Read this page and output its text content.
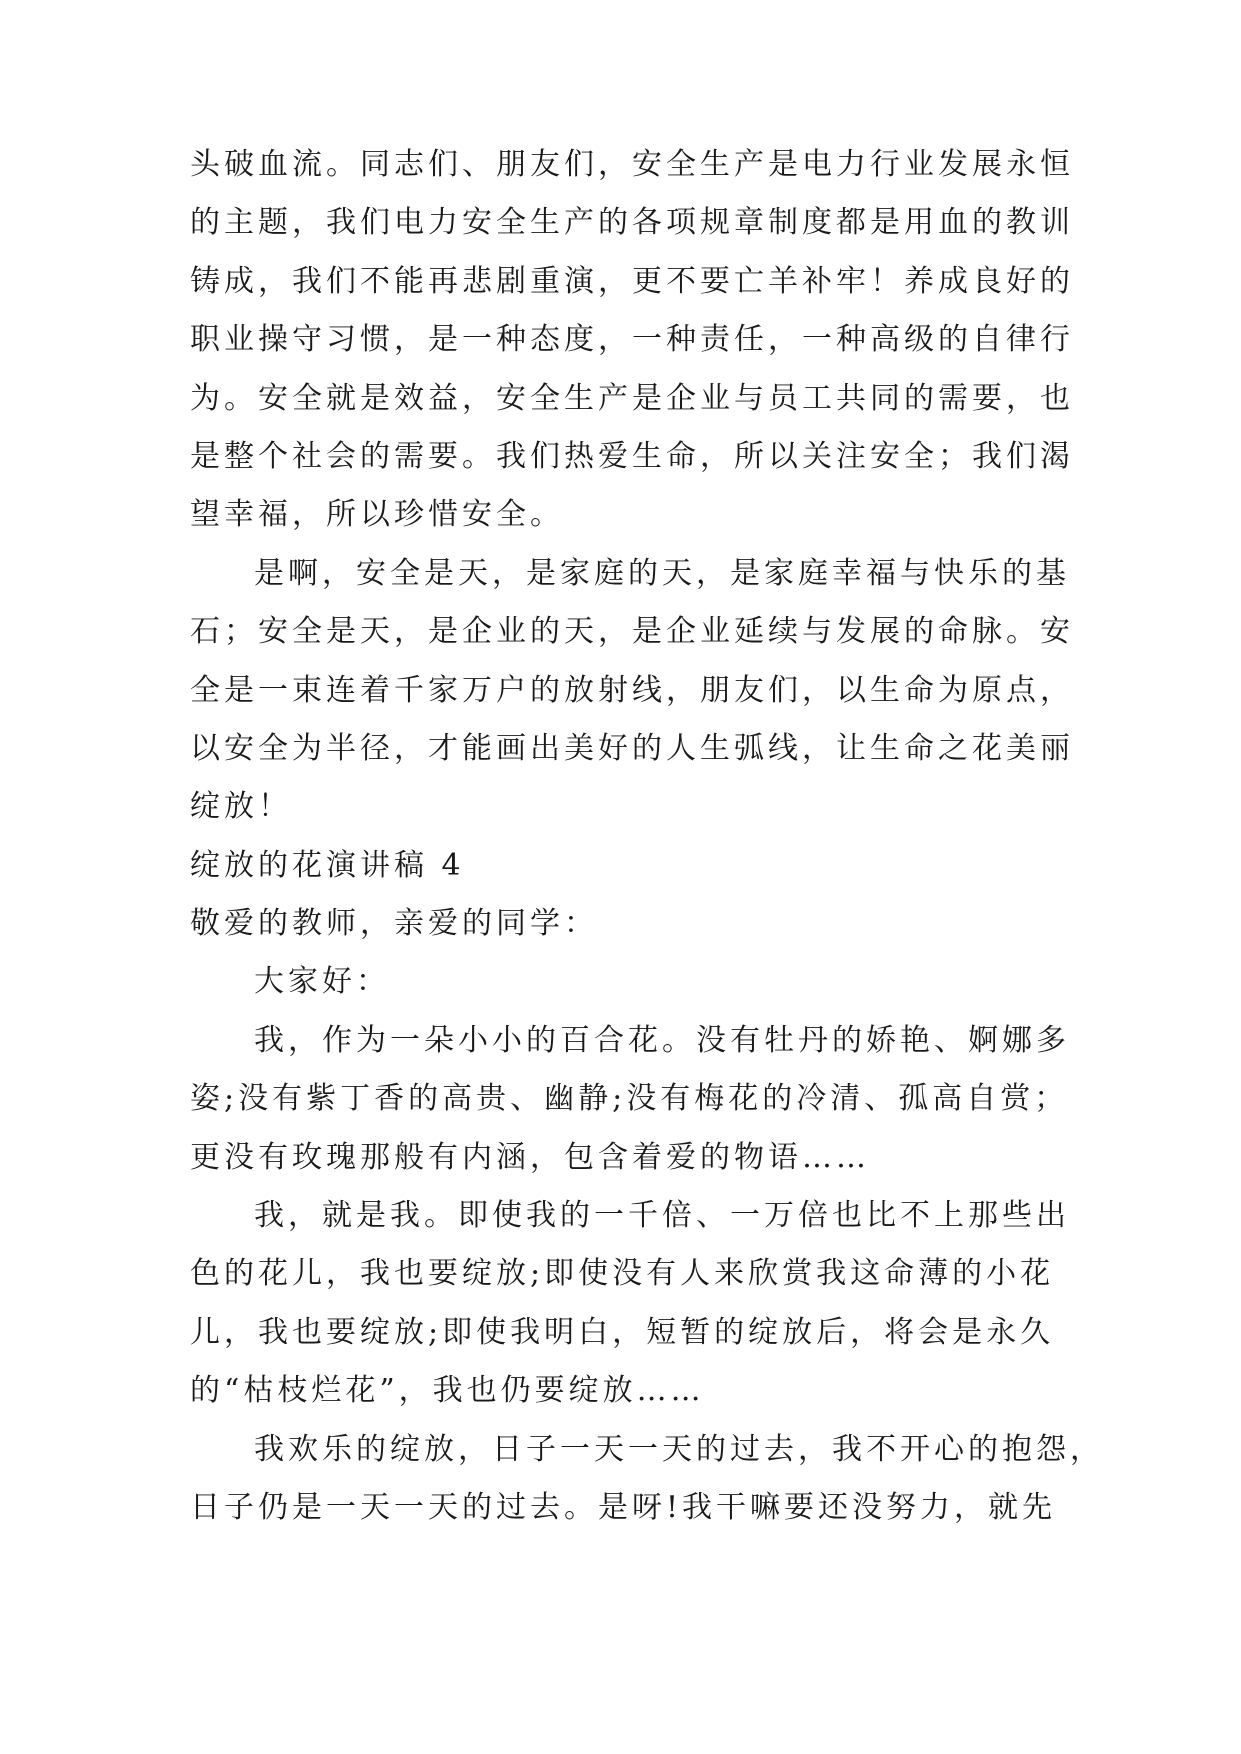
头破血流。同志们、朋友们，安全生产是电力行业发展永恒
的主题，我们电力安全生产的各项规章制度都是用血的教训
铸成，我们不能再悲剧重演，更不要亡羊补牢！养成良好的
职业操守习惯，是一种态度，一种责任，一种高级的自律行
为。安全就是效益，安全生产是企业与员工共同的需要，也
是整个社会的需要。我们热爱生命，所以关注安全；我们渴
望幸福，所以珍惜安全。
是啊，安全是天，是家庭的天，是家庭幸福与快乐的基
石；安全是天，是企业的天，是企业延续与发展的命脉。安
全是一束连着千家万户的放射线，朋友们，以生命为原点，
以安全为半径，才能画出美好的人生弧线，让生命之花美丽
绽放！
绽放的花演讲稿 4
敬爱的教师，亲爱的同学：
大家好：
我，作为一朵小小的百合花。没有牡丹的娇艳、婀娜多
姿;没有紫丁香的高贵、幽静;没有梅花的冷清、孤高自赏；
更没有玫瑰那般有内涵，包含着爱的物语……
我，就是我。即使我的一千倍、一万倍也比不上那些出
色的花儿，我也要绽放;即使没有人来欣赏我这命薄的小花
儿，我也要绽放;即使我明白，短暂的绽放后，将会是永久
的“枯枝烂花”，我也仍要绽放……
我欢乐的绽放，日子一天一天的过去，我不开心的抱怨，
日子仍是一天一天的过去。是呀!我干嘛要还没努力，就先
